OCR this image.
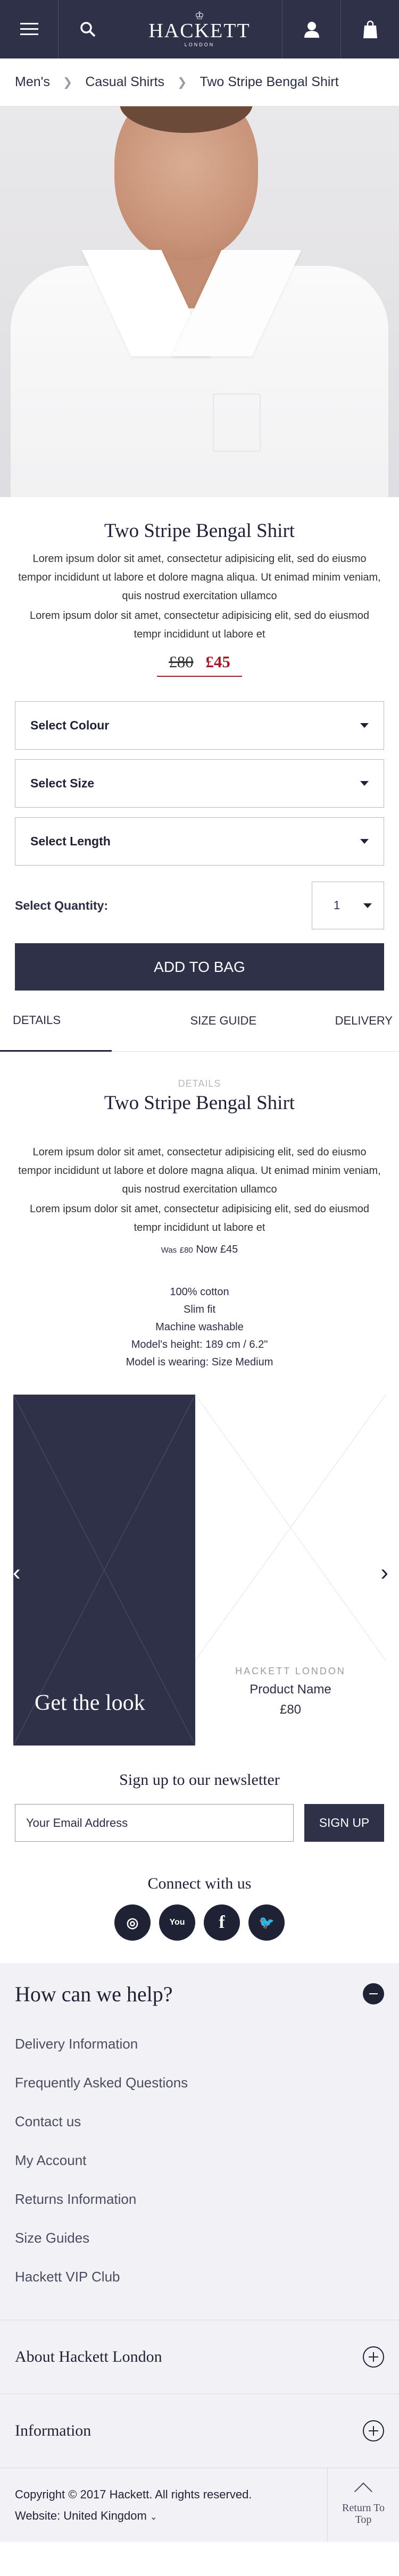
♔
HACKETT
LONDON
Men's ❯ Casual Shirts ❯ Two Stripe Bengal Shirt
Two Stripe Bengal Shirt
Lorem ipsum dolor sit amet, consectetur adipisicing elit, sed do eiusmo tempor incididunt ut labore et dolore magna aliqua. Ut enimad minim veniam, quis nostrud exercitation ullamco
Lorem ipsum dolor sit amet, consectetur adipisicing elit, sed do eiusmod tempr incididunt ut labore et
£80 £45
Select Colour
Select Size
Select Length
Select Quantity:	1
ADD TO BAG
DETAILS	SIZE GUIDE	DELIVERY
DETAILS
Two Stripe Bengal Shirt
Lorem ipsum dolor sit amet, consectetur adipisicing elit, sed do eiusmo tempor incididunt ut labore et dolore magna aliqua. Ut enimad minim veniam, quis nostrud exercitation ullamco
Lorem ipsum dolor sit amet, consectetur adipisicing elit, sed do eiusmod tempr incididunt ut labore et
Was £80 Now £45
100% cotton
Slim fit
Machine washable
Model's height: 189 cm / 6.2"
Model is wearing: Size Medium
Get the look
HACKETT LONDON
Product Name
£80
‹	›
Sign up to our newsletter
Your Email Address	SIGN UP
Connect with us
◎	You	f	🐦
How can we help?
Delivery Information
Frequently Asked Questions
Contact us
My Account
Returns Information
Size Guides
Hackett VIP Club
About Hackett London
Information
Copyright © 2017 Hackett. All rights reserved.
Website: United Kingdom ⌄
Return To Top
